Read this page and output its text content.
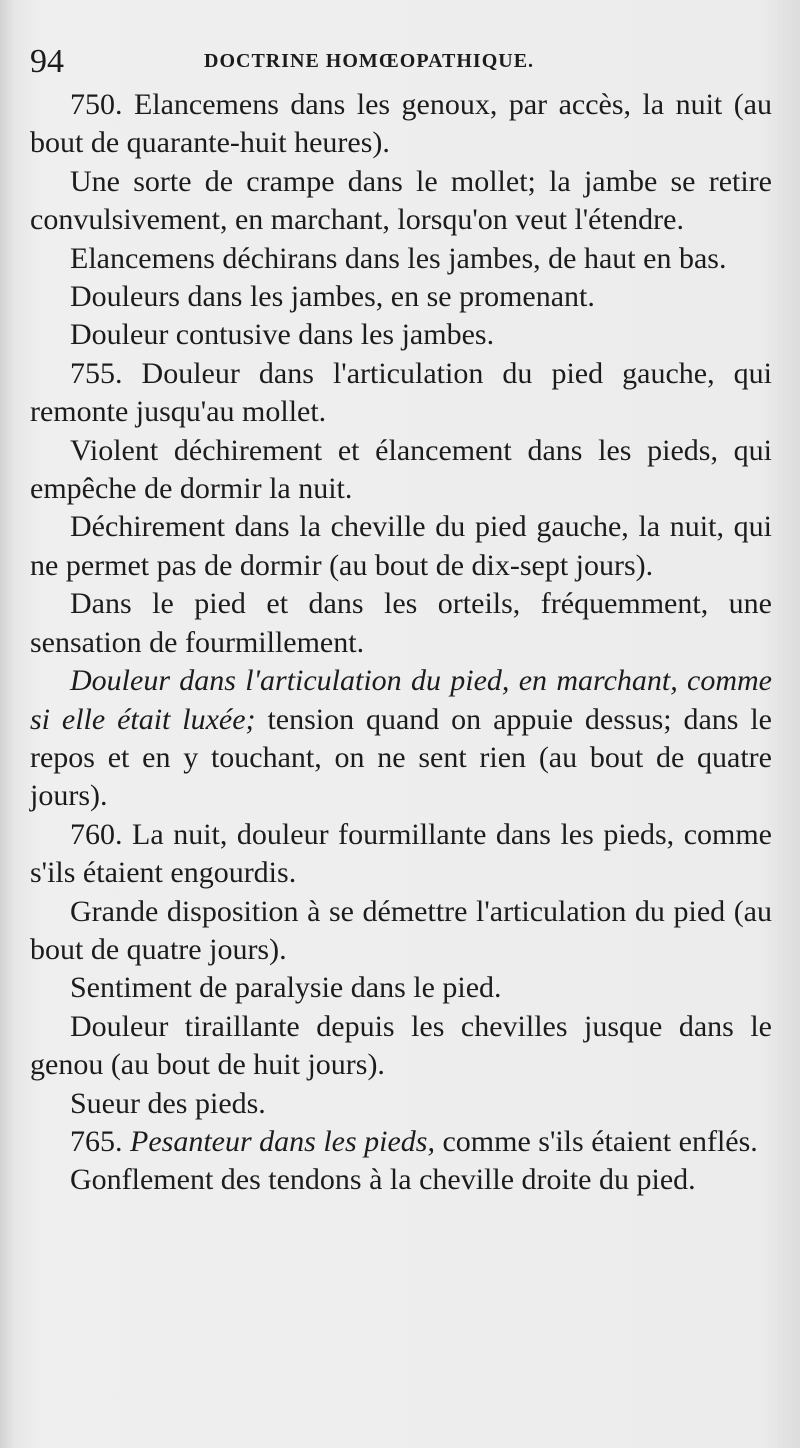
94	DOCTRINE HOMŒOPATHIQUE.

750. Elancemens dans les genoux, par accès, la nuit (au bout de quarante-huit heures).

Une sorte de crampe dans le mollet; la jambe se retire convulsivement, en marchant, lorsqu'on veut l'étendre.

Elancemens déchirans dans les jambes, de haut en bas.

Douleurs dans les jambes, en se promenant.

Douleur contusive dans les jambes.

755. Douleur dans l'articulation du pied gauche, qui remonte jusqu'au mollet.

Violent déchirement et élancement dans les pieds, qui empêche de dormir la nuit.

Déchirement dans la cheville du pied gauche, la nuit, qui ne permet pas de dormir (au bout de dix-sept jours).

Dans le pied et dans les orteils, fréquemment, une sensation de fourmillement.

Douleur dans l'articulation du pied, en marchant, comme si elle était luxée; tension quand on appuie dessus; dans le repos et en y touchant, on ne sent rien (au bout de quatre jours).

760. La nuit, douleur fourmillante dans les pieds, comme s'ils étaient engourdis.

Grande disposition à se démettre l'articulation du pied (au bout de quatre jours).

Sentiment de paralysie dans le pied.

Douleur tiraillante depuis les chevilles jusque dans le genou (au bout de huit jours).

Sueur des pieds.

765. Pesanteur dans les pieds, comme s'ils étaient enflés.

Gonflement des tendons à la cheville droite du pied.
